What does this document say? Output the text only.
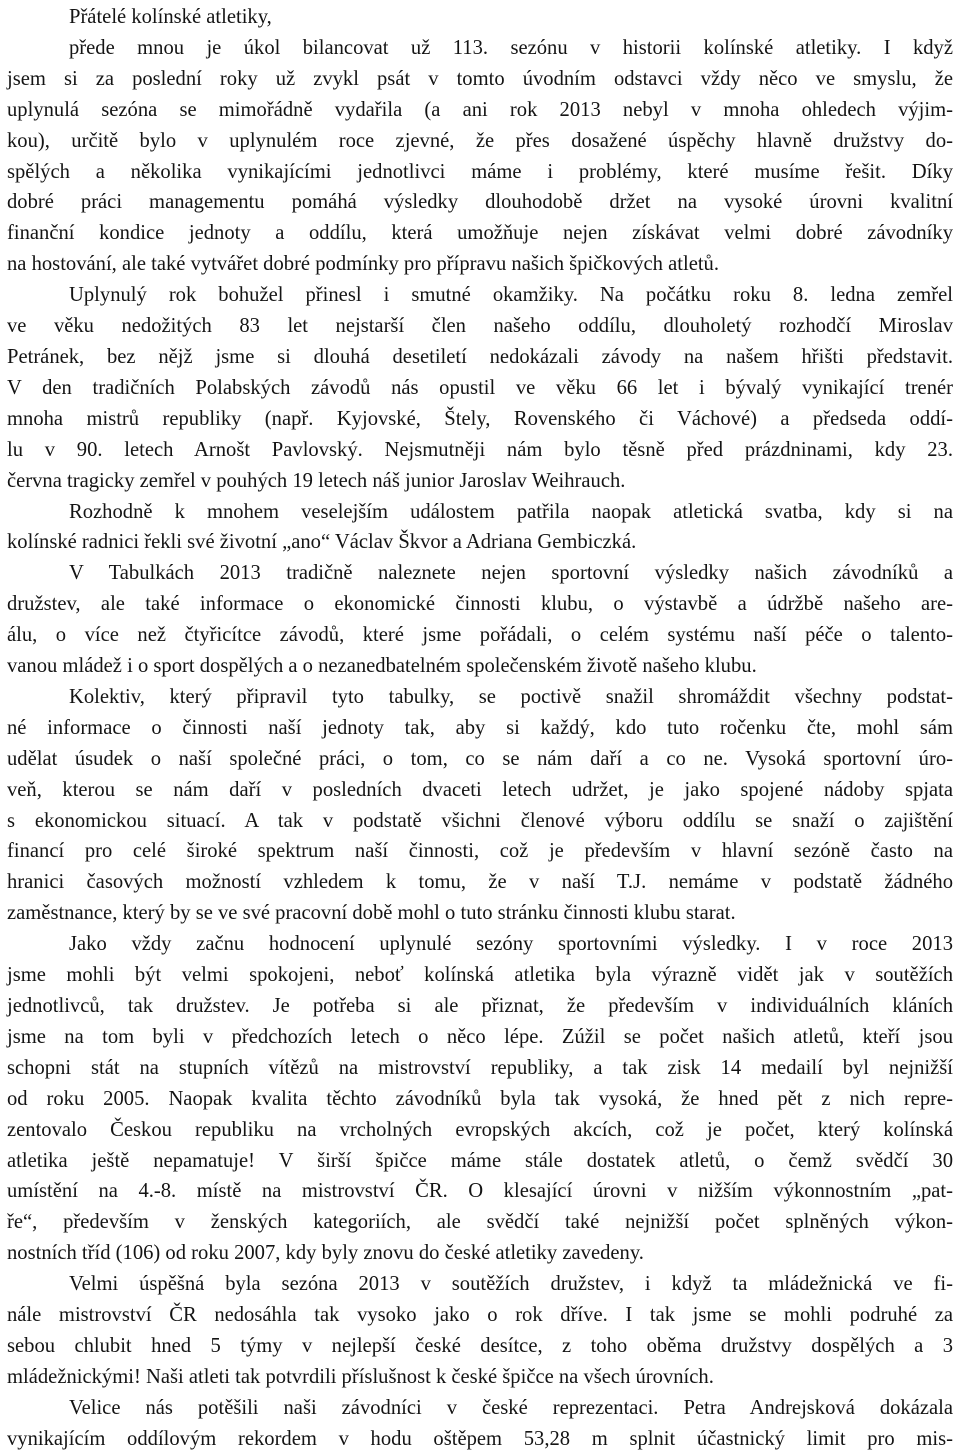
Přátelé kolínské atletiky,

přede mnou je úkol bilancovat už 113. sezónu v historii kolínské atletiky. I když
jsem si za poslední roky už zvykl psát v tomto úvodním odstavci vždy něco ve smyslu, že
uplynulá sezóna se mimořádně vydařila (a ani rok 2013 nebyl v mnoha ohledech výjim-
kou), určitě bylo v uplynulém roce zjevné, že přes dosažené úspěchy hlavně družstvy do-
spělých a několika vynikajícími jednotlivci máme i problémy, které musíme řešit. Díky
dobré práci managementu pomáhá výsledky dlouhodobě držet na vysoké úrovni kvalitní
finanční kondice jednoty a oddílu, která umožňuje nejen získávat velmi dobré závodníky
na hostování, ale také vytvářet dobré podmínky pro přípravu našich špičkových atletů.
Uplynulý rok bohužel přinesl i smutné okamžiky. Na počátku roku 8. ledna zemřel
ve věku nedožitých 83 let nejstarší člen našeho oddílu, dlouholetý rozhodčí Miroslav
Petránek, bez nějž jsme si dlouhá desetiletí nedokázali závody na našem hřišti představit.
V den tradičních Polabských závodů nás opustil ve věku 66 let i bývalý vynikající trenér
mnoha mistrů republiky (např. Kyjovské, Štely, Rovenského či Váchové) a předseda oddí-
lu v 90. letech Arnošt Pavlovský. Nejsmutněji nám bylo těsně před prázdninami, kdy 23.
června tragicky zemřel v pouhých 19 letech náš junior Jaroslav Weihrauch.
Rozhodně k mnohem veselejším událostem patřila naopak atletická svatba, kdy si na
kolínské radnici řekli své životní „ano“ Václav Škvor a Adriana Gembiczká.
V Tabulkách 2013 tradičně naleznete nejen sportovní výsledky našich závodníků a
družstev, ale také informace o ekonomické činnosti klubu, o výstavbě a údržbě našeho are-
álu, o více než čtyřicítce závodů, které jsme pořádali, o celém systému naší péče o talento-
vanou mládež i o sport dospělých a o nezanedbatelném společenském životě našeho klubu.
Kolektiv, který připravil tyto tabulky, se poctivě snažil shromáždit všechny podstat-
né informace o činnosti naší jednoty tak, aby si každý, kdo tuto ročenku čte, mohl sám
udělat úsudek o naší společné práci, o tom, co se nám daří a co ne. Vysoká sportovní úro-
veň, kterou se nám daří v posledních dvaceti letech udržet, je jako spojené nádoby spjata
s ekonomickou situací. A tak v podstatě všichni členové výboru oddílu se snaží o zajištění
financí pro celé široké spektrum naší činnosti, což je především v hlavní sezóně často na
hranici časových možností vzhledem k tomu, že v naší T.J. nemáme v podstatě žádného
zaměstnance, který by se ve své pracovní době mohl o tuto stránku činnosti klubu starat.
Jako vždy začnu hodnocení uplynulé sezóny sportovními výsledky. I v roce 2013
jsme mohli být velmi spokojeni, neboť kolínská atletika byla výrazně vidět jak v soutěžích
jednotlivců, tak družstev. Je potřeba si ale přiznat, že především v individuálních kláních
jsme na tom byli v předchozích letech o něco lépe. Zúžil se počet našich atletů, kteří jsou
schopni stát na stupních vítězů na mistrovství republiky, a tak zisk 14 medailí byl nejnižší
od roku 2005. Naopak kvalita těchto závodníků byla tak vysoká, že hned pět z nich repre-
zentovalo Českou republiku na vrcholných evropských akcích, což je počet, který kolínská
atletika ještě nepamatuje! V širší špičce máme stále dostatek atletů, o čemž svědčí 30
umístění na 4.-8. místě na mistrovství ČR. O klesající úrovni v nižším výkonnostním „pat-
ře“, především v ženských kategoriích, ale svědčí také nejnižší počet splněných výkon-
nostních tříd (106) od roku 2007, kdy byly znovu do české atletiky zavedeny.
Velmi úspěšná byla sezóna 2013 v soutěžích družstev, i když ta mládežnická ve fi-
nále mistrovství ČR nedosáhla tak vysoko jako o rok dříve. I tak jsme se mohli podruhé za
sebou chlubit hned 5 týmy v nejlepší české desítce, z toho oběma družstvy dospělých a 3
mládežnickými! Naši atleti tak potvrdili příslušnost k české špičce na všech úrovních.
Velice nás potěšili naši závodníci v české reprezentaci. Petra Andrejsková dokázala
vynikajícím oddílovým rekordem v hodu oštěpem 53,28 m splnit účastnický limit pro mis-
